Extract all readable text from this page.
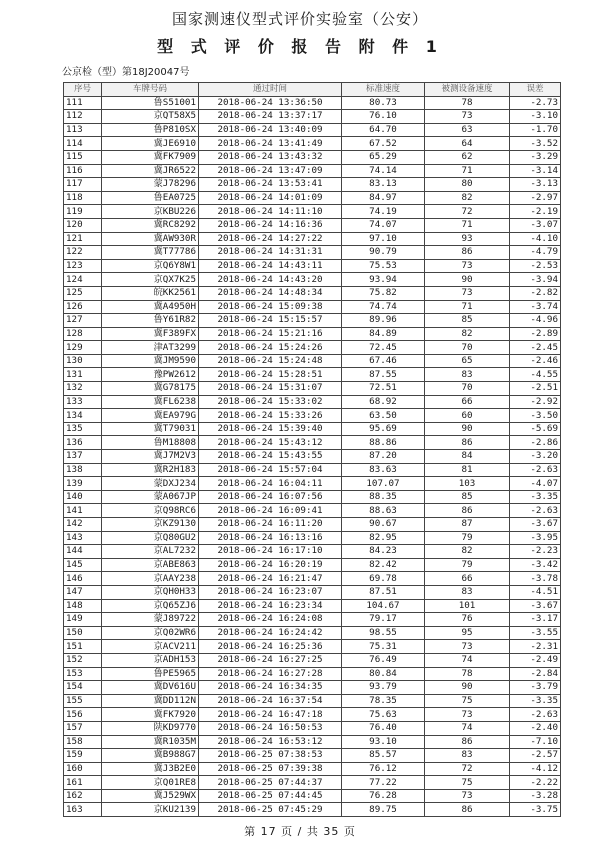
国家测速仪型式评价实验室（公安）
型 式 评 价 报 告 附 件 1
公京检（型）第18J20047号
序号	车牌号码	通过时间	标准速度	被测设备速度	误差
111	鲁S51001	2018-06-24 13:36:50	80.73	78	-2.73
112	京QT58X5	2018-06-24 13:37:17	76.10	73	-3.10
113	鲁P810SX	2018-06-24 13:40:09	64.70	63	-1.70
114	冀JE6910	2018-06-24 13:41:49	67.52	64	-3.52
115	冀FK7909	2018-06-24 13:43:32	65.29	62	-3.29
116	冀JR6522	2018-06-24 13:47:09	74.14	71	-3.14
117	蒙J78296	2018-06-24 13:53:41	83.13	80	-3.13
118	鲁EA0725	2018-06-24 14:01:09	84.97	82	-2.97
119	京KBU226	2018-06-24 14:11:10	74.19	72	-2.19
120	冀RC8292	2018-06-24 14:16:36	74.07	71	-3.07
121	冀AW930R	2018-06-24 14:27:22	97.10	93	-4.10
122	冀T77786	2018-06-24 14:31:31	90.79	86	-4.79
123	京Q6Y8W1	2018-06-24 14:43:11	75.53	73	-2.53
124	京QX7K25	2018-06-24 14:43:20	93.94	90	-3.94
125	皖KK2561	2018-06-24 14:48:34	75.82	73	-2.82
126	冀A4950H	2018-06-24 15:09:38	74.74	71	-3.74
127	鲁Y61R82	2018-06-24 15:15:57	89.96	85	-4.96
128	冀F389FX	2018-06-24 15:21:16	84.89	82	-2.89
129	津AT3299	2018-06-24 15:24:26	72.45	70	-2.45
130	冀JM9590	2018-06-24 15:24:48	67.46	65	-2.46
131	豫PW2612	2018-06-24 15:28:51	87.55	83	-4.55
132	冀G78175	2018-06-24 15:31:07	72.51	70	-2.51
133	冀FL6238	2018-06-24 15:33:02	68.92	66	-2.92
134	冀EA979G	2018-06-24 15:33:26	63.50	60	-3.50
135	冀T79031	2018-06-24 15:39:40	95.69	90	-5.69
136	鲁M18808	2018-06-24 15:43:12	88.86	86	-2.86
137	冀J7M2V3	2018-06-24 15:43:55	87.20	84	-3.20
138	冀R2H183	2018-06-24 15:57:04	83.63	81	-2.63
139	蒙DXJ234	2018-06-24 16:04:11	107.07	103	-4.07
140	蒙A067JP	2018-06-24 16:07:56	88.35	85	-3.35
141	京Q98RC6	2018-06-24 16:09:41	88.63	86	-2.63
142	京KZ9130	2018-06-24 16:11:20	90.67	87	-3.67
143	京Q80GU2	2018-06-24 16:13:16	82.95	79	-3.95
144	京AL7232	2018-06-24 16:17:10	84.23	82	-2.23
145	京ABE863	2018-06-24 16:20:19	82.42	79	-3.42
146	京AAY238	2018-06-24 16:21:47	69.78	66	-3.78
147	京QH0H33	2018-06-24 16:23:07	87.51	83	-4.51
148	京Q65ZJ6	2018-06-24 16:23:34	104.67	101	-3.67
149	蒙J89722	2018-06-24 16:24:08	79.17	76	-3.17
150	京Q02WR6	2018-06-24 16:24:42	98.55	95	-3.55
151	京ACV211	2018-06-24 16:25:36	75.31	73	-2.31
152	京ADH153	2018-06-24 16:27:25	76.49	74	-2.49
153	鲁PE5965	2018-06-24 16:27:28	80.84	78	-2.84
154	冀DV616U	2018-06-24 16:34:35	93.79	90	-3.79
155	冀DD112N	2018-06-24 16:37:54	78.35	75	-3.35
156	冀FK7920	2018-06-24 16:47:18	75.63	73	-2.63
157	陕KD9770	2018-06-24 16:50:53	76.40	74	-2.40
158	冀R1035M	2018-06-24 16:53:12	93.10	86	-7.10
159	冀B988G7	2018-06-25 07:38:53	85.57	83	-2.57
160	冀J3B2E0	2018-06-25 07:39:38	76.12	72	-4.12
161	京Q01RE8	2018-06-25 07:44:37	77.22	75	-2.22
162	冀J529WX	2018-06-25 07:44:45	76.28	73	-3.28
163	京KU2139	2018-06-25 07:45:29	89.75	86	-3.75
第 17 页 / 共 35 页
